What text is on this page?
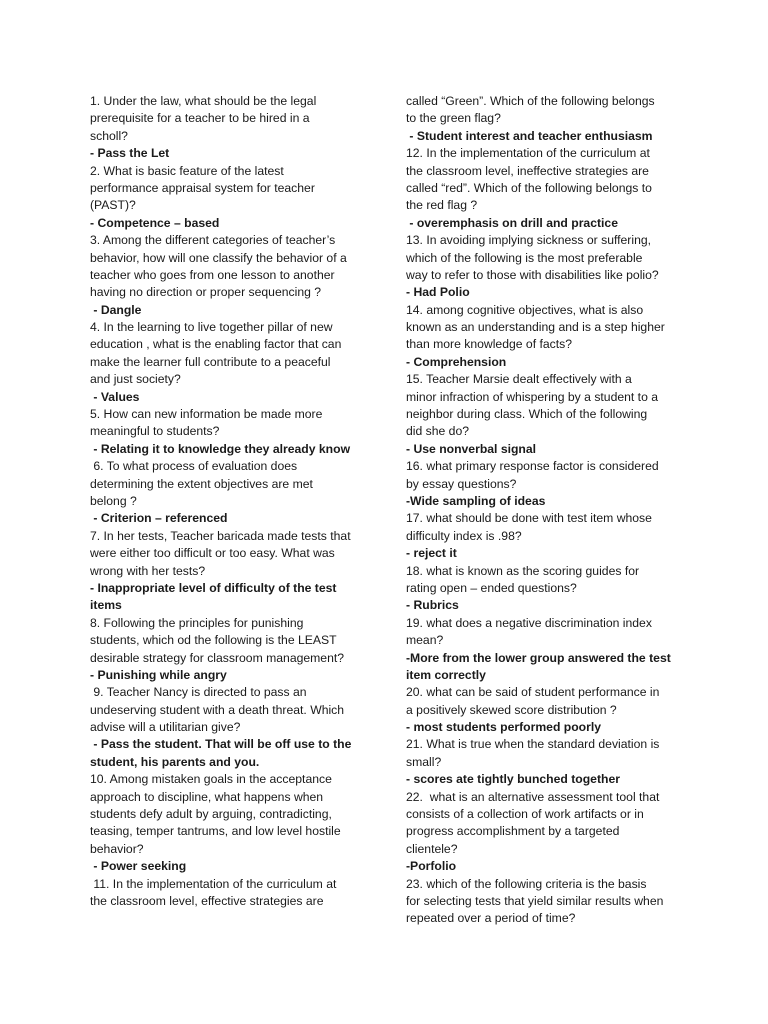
1. Under the law, what should be the legal

prerequisite for a teacher to be hired in a

scholl?

- Pass the Let

2. What is basic feature of the latest

performance appraisal system for teacher

(PAST)?

- Competence – based

3. Among the different categories of teacher’s

behavior, how will one classify the behavior of a

teacher who goes from one lesson to another

having no direction or proper sequencing ?

- Dangle

4. In the learning to live together pillar of new

education , what is the enabling factor that can

make the learner full contribute to a peaceful

and just society?

- Values

5. How can new information be made more

meaningful to students?

- Relating it to knowledge they already know

6. To what process of evaluation does

determining the extent objectives are met

belong ?

- Criterion – referenced

7. In her tests, Teacher baricada made tests that

were either too difficult or too easy. What was

wrong with her tests?

- Inappropriate level of difficulty of the test

items

8. Following the principles for punishing

students, which od the following is the LEAST

desirable strategy for classroom management?

- Punishing while angry

9. Teacher Nancy is directed to pass an

undeserving student with a death threat. Which

advise will a utilitarian give?

- Pass the student. That will be off use to the

student, his parents and you.

10. Among mistaken goals in the acceptance

approach to discipline, what happens when

students defy adult by arguing, contradicting,

teasing, temper tantrums, and low level hostile

behavior?

- Power seeking

11. In the implementation of the curriculum at

the classroom level, effective strategies are

called “Green”. Which of the following belongs

to the green flag?

- Student interest and teacher enthusiasm

12. In the implementation of the curriculum at

the classroom level, ineffective strategies are

called “red”. Which of the following belongs to

the red flag ?

- overemphasis on drill and practice

13. In avoiding implying sickness or suffering,

which of the following is the most preferable

way to refer to those with disabilities like polio?

- Had Polio

14. among cognitive objectives, what is also

known as an understanding and is a step higher

than more knowledge of facts?

- Comprehension

15. Teacher Marsie dealt effectively with a

minor infraction of whispering by a student to a

neighbor during class. Which of the following

did she do?

- Use nonverbal signal

16. what primary response factor is considered

by essay questions?

-Wide sampling of ideas

17. what should be done with test item whose

difficulty index is .98?

- reject it

18. what is known as the scoring guides for

rating open – ended questions?

- Rubrics

19. what does a negative discrimination index

mean?

-More from the lower group answered the test

item correctly

20. what can be said of student performance in

a positively skewed score distribution ?

- most students performed poorly

21. What is true when the standard deviation is

small?

- scores ate tightly bunched together

22.  what is an alternative assessment tool that

consists of a collection of work artifacts or in

progress accomplishment by a targeted

clientele?

-Porfolio

23. which of the following criteria is the basis

for selecting tests that yield similar results when

repeated over a period of time?
